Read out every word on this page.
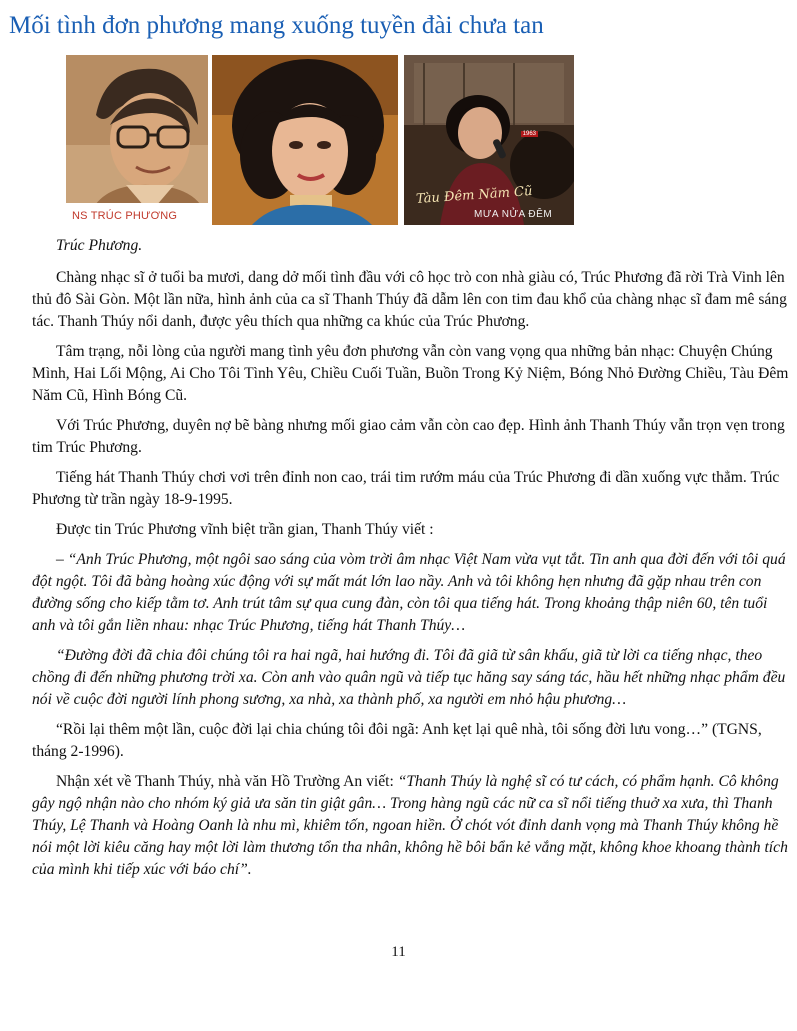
Mối tình đơn phương mang xuống tuyền đài chưa tan
NS TRÚC PHƯƠNG
1963
Tàu Đêm Năm Cũ
MƯA NỬA ĐÊM

Trúc Phương.

Chàng nhạc sĩ ở tuổi ba mươi, dang dở mối tình đầu với cô học trò con nhà giàu có, Trúc Phương đã rời Trà Vinh lên thủ đô Sài Gòn. Một lần nữa, hình ảnh của ca sĩ Thanh Thúy đã dẫm lên con tim đau khổ của chàng nhạc sĩ đam mê sáng tác. Thanh Thúy nổi danh, được yêu thích qua những ca khúc của Trúc Phương.

Tâm trạng, nỗi lòng của người mang tình yêu đơn phương vẫn còn vang vọng qua những bản nhạc: Chuyện Chúng Mình, Hai Lối Mộng, Ai Cho Tôi Tình Yêu, Chiều Cuối Tuần, Buồn Trong Kỷ Niệm, Bóng Nhỏ Đường Chiều, Tàu Đêm Năm Cũ, Hình Bóng Cũ.

Với Trúc Phương, duyên nợ bẽ bàng nhưng mối giao cảm vẫn còn cao đẹp. Hình ảnh Thanh Thúy vẫn trọn vẹn trong tim Trúc Phương.

Tiếng hát Thanh Thúy chơi vơi trên đỉnh non cao, trái tim rướm máu của Trúc Phương đi dần xuống vực thẳm. Trúc Phương từ trần ngày 18-9-1995.

Được tin Trúc Phương vĩnh biệt trần gian, Thanh Thúy viết :

– “Anh Trúc Phương, một ngôi sao sáng của vòm trời âm nhạc Việt Nam vừa vụt tắt. Tin anh qua đời đến với tôi quá đột ngột. Tôi đã bàng hoàng xúc động với sự mất mát lớn lao nầy. Anh và tôi không hẹn nhưng đã gặp nhau trên con đường sống cho kiếp tằm tơ. Anh trút tâm sự qua cung đàn, còn tôi qua tiếng hát. Trong khoảng thập niên 60, tên tuổi anh và tôi gắn liền nhau: nhạc Trúc Phương, tiếng hát Thanh Thúy…

“Đường đời đã chia đôi chúng tôi ra hai ngã, hai hướng đi. Tôi đã giã từ sân khấu, giã từ lời ca tiếng nhạc, theo chồng đi đến những phương trời xa. Còn anh vào quân ngũ và tiếp tục hăng say sáng tác, hầu hết những nhạc phẩm đều nói về cuộc đời người lính phong sương, xa nhà, xa thành phố, xa người em nhỏ hậu phương…

“Rồi lại thêm một lần, cuộc đời lại chia chúng tôi đôi ngã: Anh kẹt lại quê nhà, tôi sống đời lưu vong…” (TGNS, tháng 2-1996).

Nhận xét về Thanh Thúy, nhà văn Hồ Trường An viết: “Thanh Thúy là nghệ sĩ có tư cách, có phẩm hạnh. Cô không gây ngộ nhận nào cho nhóm ký giả ưa săn tin giật gân… Trong hàng ngũ các nữ ca sĩ nổi tiếng thuở xa xưa, thì Thanh Thúy, Lệ Thanh và Hoàng Oanh là nhu mì, khiêm tốn, ngoan hiền. Ở chót vót đỉnh danh vọng mà Thanh Thúy không hề nói một lời kiêu căng hay một lời làm thương tổn tha nhân, không hề bôi bẩn kẻ vắng mặt, không khoe khoang thành tích của mình khi tiếp xúc với báo chí”.

11
